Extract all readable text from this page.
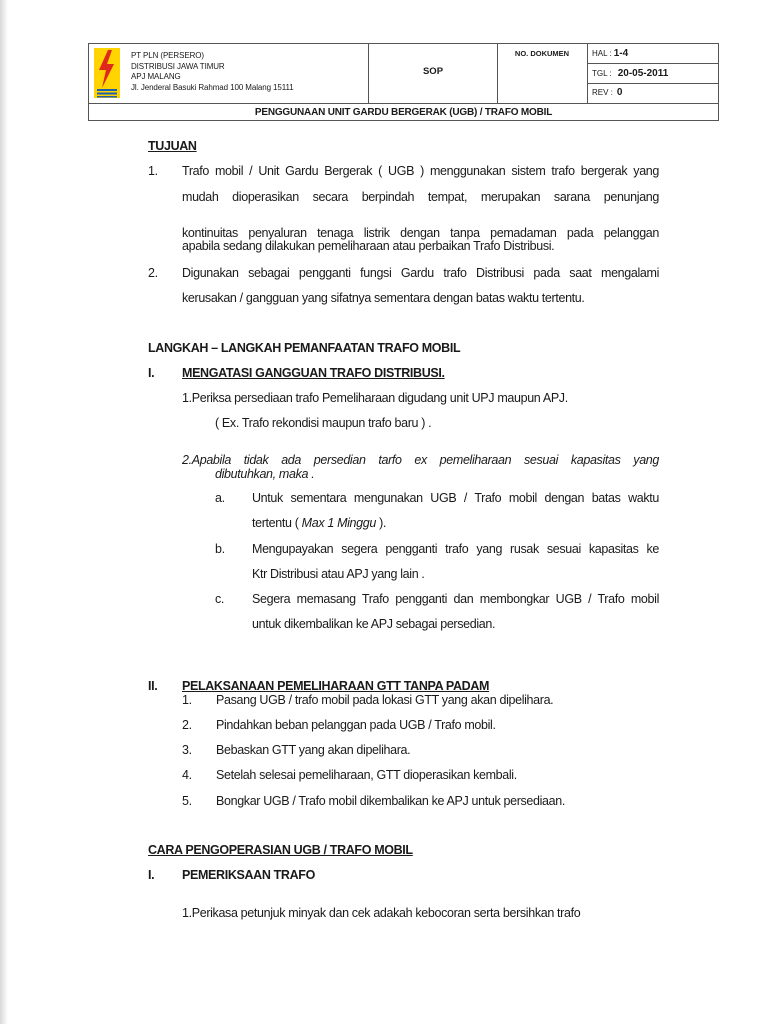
PT PLN (PERSERO)
DISTRIBUSI JAWA TIMUR
APJ MALANG
Jl. Jenderal Basuki Rahmad 100 Malang 15111
SOP
NO. DOKUMEN	HAL : 1-4
TGL : 20-05-2011
REV : 0
PENGGUNAAN UNIT GARDU BERGERAK (UGB) / TRAFO MOBIL
TUJUAN
1. Trafo mobil / Unit Gardu Bergerak ( UGB ) menggunakan sistem trafo bergerak yang
mudah dioperasikan secara berpindah tempat, merupakan sarana penunjang
kontinuitas penyaluran tenaga listrik dengan tanpa pemadaman pada pelanggan
apabila sedang dilakukan pemeliharaan atau perbaikan Trafo Distribusi.
2. Digunakan sebagai pengganti fungsi Gardu trafo Distribusi pada saat mengalami
kerusakan / gangguan yang sifatnya sementara dengan batas waktu tertentu.
LANGKAH – LANGKAH PEMANFAATAN TRAFO MOBIL
I. MENGATASI GANGGUAN TRAFO DISTRIBUSI.
1.Periksa persediaan trafo Pemeliharaan digudang unit UPJ maupun APJ.
( Ex. Trafo rekondisi maupun trafo baru ) .
2.Apabila tidak ada persedian tarfo ex pemeliharaan sesuai kapasitas yang
dibutuhkan, maka .
a. Untuk sementara mengunakan UGB / Trafo mobil dengan batas waktu
tertentu ( Max 1 Minggu ).
b. Mengupayakan segera pengganti trafo yang rusak sesuai kapasitas ke
Ktr Distribusi atau APJ yang lain .
c. Segera memasang Trafo pengganti dan membongkar UGB / Trafo mobil
untuk dikembalikan ke APJ sebagai persedian.
II. PELAKSANAAN PEMELIHARAAN GTT TANPA PADAM
1. Pasang UGB / trafo mobil pada lokasi GTT yang akan dipelihara.
2. Pindahkan beban pelanggan pada UGB / Trafo mobil.
3. Bebaskan GTT yang akan dipelihara.
4. Setelah selesai pemeliharaan, GTT dioperasikan kembali.
5. Bongkar UGB / Trafo mobil dikembalikan ke APJ untuk persediaan.
CARA PENGOPERASIAN UGB / TRAFO MOBIL
I. PEMERIKSAAN TRAFO
1.Perikasa petunjuk minyak dan cek adakah kebocoran serta bersihkan trafo
